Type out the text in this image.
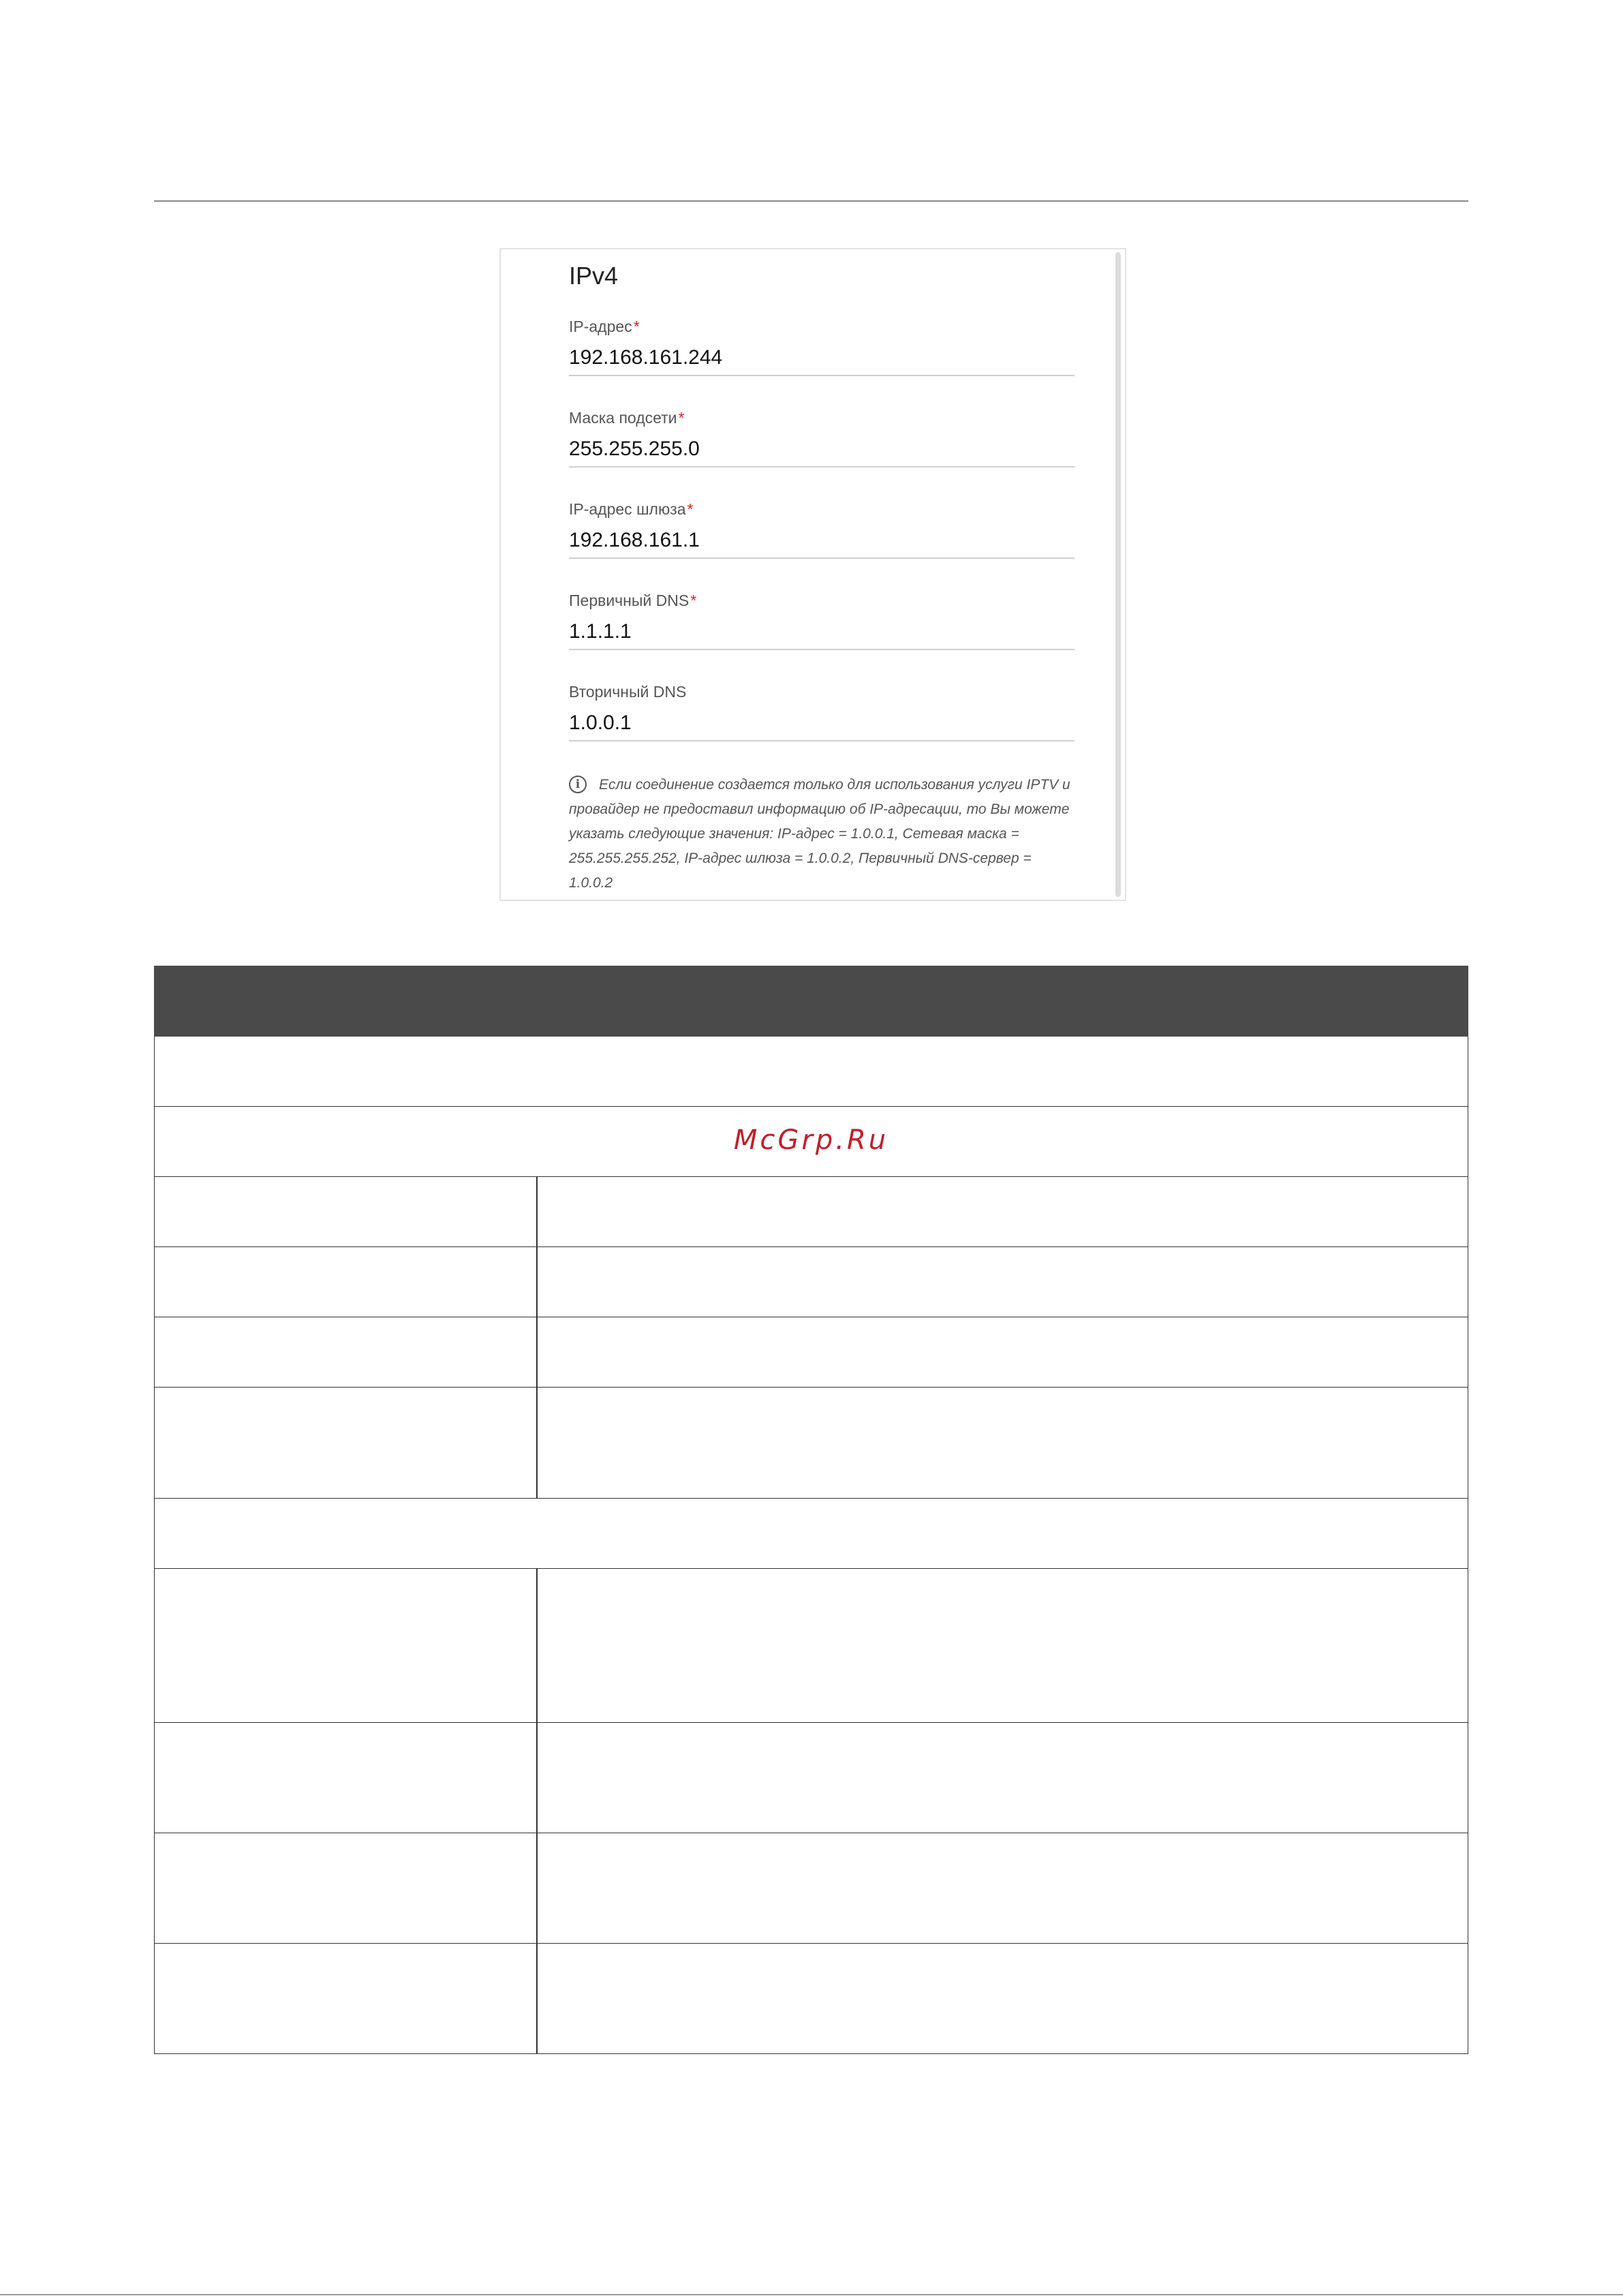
IPv4
IP-адрес*
192.168.161.244
Маска подсети*
255.255.255.0
IP-адрес шлюза*
192.168.161.1
Первичный DNS*
1.1.1.1
Вторичный DNS
1.0.0.1
i	Если соединение создается только для использования услуги IPTV и провайдер не предоставил информацию об IP-адресации, то Вы можете указать следующие значения: IP-адрес = 1.0.0.1, Сетевая маска = 255.255.255.252, IP-адрес шлюза = 1.0.0.2, Первичный DNS-сервер = 1.0.0.2

McGrp.Ru
